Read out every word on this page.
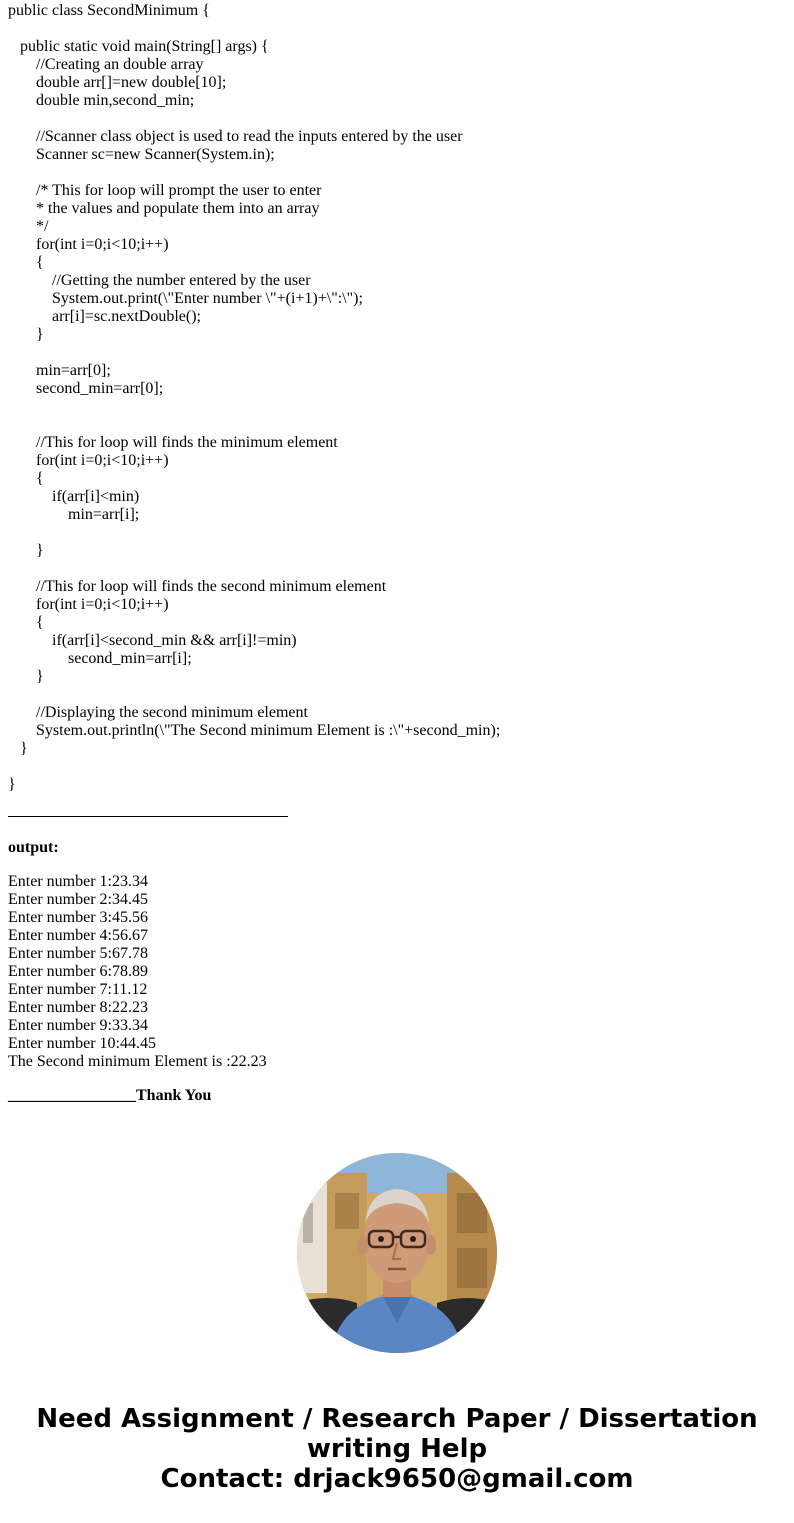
public class SecondMinimum {
public static void main(String[] args) {
//Creating an double array
double arr[]=new double[10];
double min,second_min;
//Scanner class object is used to read the inputs entered by the user
Scanner sc=new Scanner(System.in);
/* This for loop will prompt the user to enter
* the values and populate them into an array
*/
for(int i=0;i<10;i++)
{
//Getting the number entered by the user
System.out.print(\"Enter number \"+(i+1)+\":\");
arr[i]=sc.nextDouble();
}
min=arr[0];
second_min=arr[0];
//This for loop will finds the minimum element
for(int i=0;i<10;i++)
{
if(arr[i]<min)
min=arr[i];
}
//This for loop will finds the second minimum element
for(int i=0;i<10;i++)
{
if(arr[i]<second_min && arr[i]!=min)
second_min=arr[i];
}
//Displaying the second minimum element
System.out.println(\"The Second minimum Element is :\"+second_min);
}
}
output:
Enter number 1:23.34
Enter number 2:34.45
Enter number 3:45.56
Enter number 4:56.67
Enter number 5:67.78
Enter number 6:78.89
Enter number 7:11.12
Enter number 8:22.23
Enter number 9:33.34
Enter number 10:44.45
The Second minimum Element is :22.23
________________Thank You
Need Assignment / Research Paper / Dissertation
writing Help
Contact: drjack9650@gmail.com
